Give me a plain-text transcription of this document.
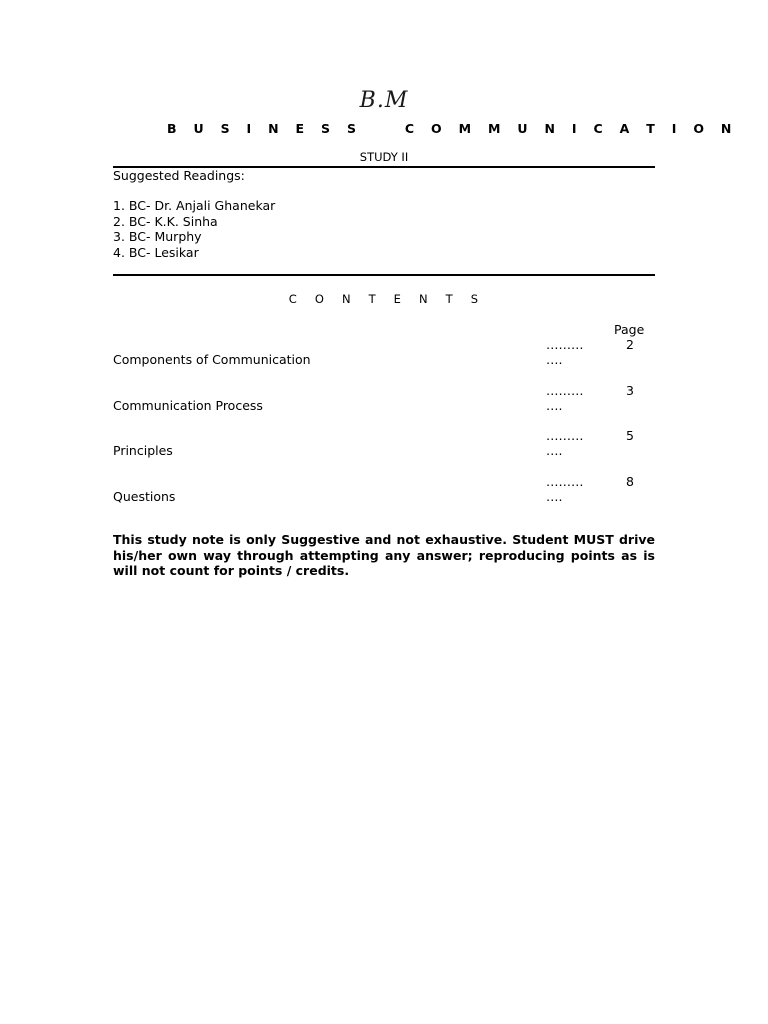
B.M
B U S I N E S S    C O M M U N I C A T I O N
STUDY II
Suggested Readings:
1. BC- Dr. Anjali Ghanekar
2. BC- K.K. Sinha
3. BC- Murphy
4. BC- Lesikar
C O N T E N T S
Page
Components of Communication
………
….
2
Communication Process
………
….
3
Principles
………
….
5
Questions
………
….
8
This study note is only Suggestive and not exhaustive. Student MUST drive his/her own way through attempting any answer; reproducing points as is will not count for points / credits.
